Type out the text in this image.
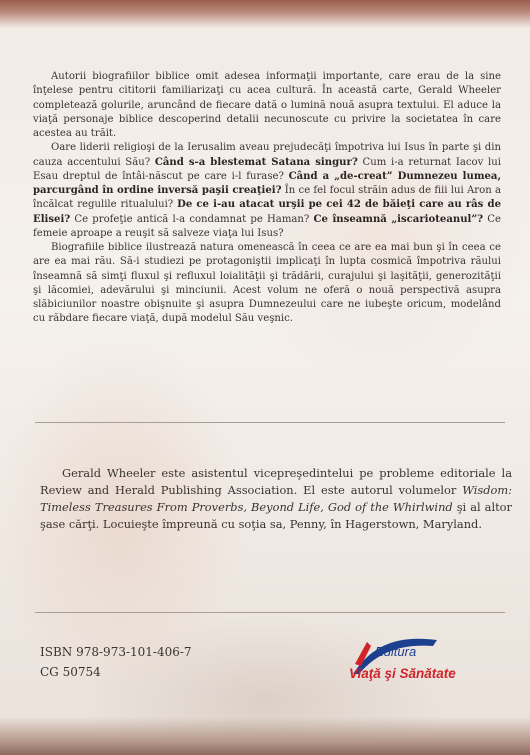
Autorii biografiilor biblice omit adesea informaţii importante, care erau de la sine înţelese pentru cititorii familiarizaţi cu acea cultură. În această carte, Gerald Wheeler completează golurile, aruncând de fiecare dată o lumină nouă asupra textului. El aduce la viaţă personaje biblice descoperind detalii necunoscute cu privire la societatea în care acestea au trăit.

Oare liderii religioşi de la Ierusalim aveau prejudecăţi împotriva lui Isus în parte şi din cauza accentului Său? Când s-a blestemat Satana singur? Cum i-a returnat Iacov lui Esau dreptul de întâi-născut pe care i-l furase? Când a „de-creat” Dumnezeu lumea, parcurgând în ordine inversă paşii creaţiei? În ce fel focul străin adus de fiii lui Aron a încălcat regulile ritualului? De ce i-au atacat urşii pe cei 42 de băieţi care au râs de Elisei? Ce profeţie antică l-a condamnat pe Haman? Ce înseamnă „iscarioteanul”? Ce femeie aproape a reuşit să salveze viaţa lui Isus?

Biografiile biblice ilustrează natura omenească în ceea ce are ea mai bun şi în ceea ce are ea mai rău. Să-i studiezi pe protagoniştii implicaţi în lupta cosmică împotriva răului înseamnă să simţi fluxul şi refluxul loialităţii şi trădării, curajului şi laşităţii, generozităţii şi lăcomiei, adevărului şi minciunii. Acest volum ne oferă o nouă perspectivă asupra slăbiciunilor noastre obişnuite şi asupra Dumnezeului care ne iubeşte oricum, modelând cu răbdare fiecare viaţă, după modelul Său veşnic.

Gerald Wheeler este asistentul vicepreşedintelui pe probleme editoriale la Review and Herald Publishing Association. El este autorul volumelor Wisdom: Timeless Treasures From Proverbs, Beyond Life, God of the Whirlwind şi al altor şase cărţi. Locuieşte împreună cu soţia sa, Penny, în Hagerstown, Maryland.

ISBN 978-973-101-406-7
CG 50754
Editura
Viaţă şi Sănătate
